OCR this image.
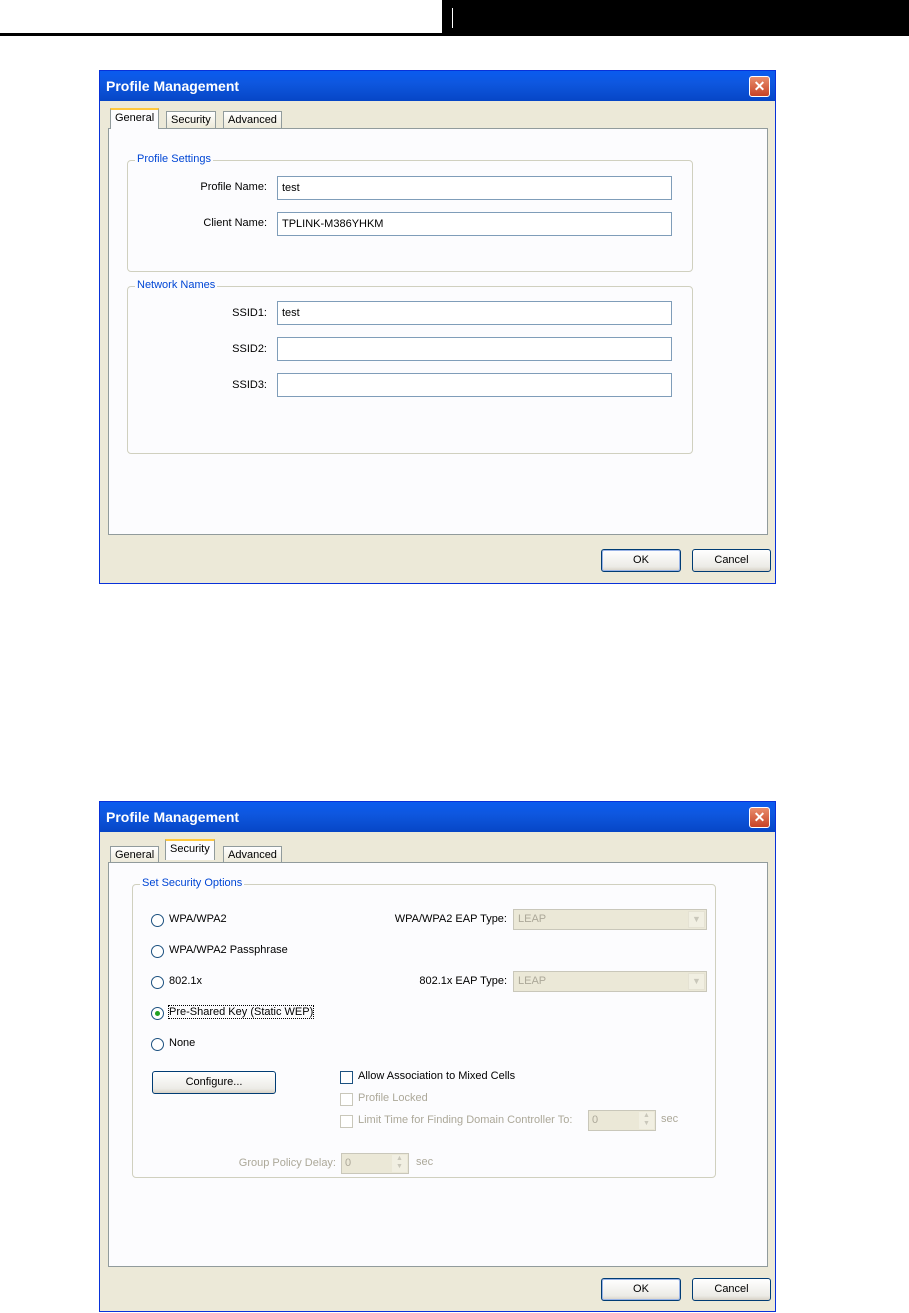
Profile Management	✕
General	Security	Advanced
Profile Settings
Profile Name:	test
Client Name:	TPLINK-M386YHKM
Network Names
SSID1:	test
SSID2:
SSID3:
OK	Cancel
Profile Management	✕
General	Security	Advanced
Set Security Options
WPA/WPA2
WPA/WPA2 Passphrase
802.1x
Pre-Shared Key (Static WEP)
None
WPA/WPA2 EAP Type:	LEAP	▼
802.1x EAP Type:	LEAP	▼
Configure...	Allow Association to Mixed Cells
Profile Locked
Limit Time for Finding Domain Controller To:	0	▲
▼	sec
Group Policy Delay: 0	▲
▼	sec
OK	Cancel
